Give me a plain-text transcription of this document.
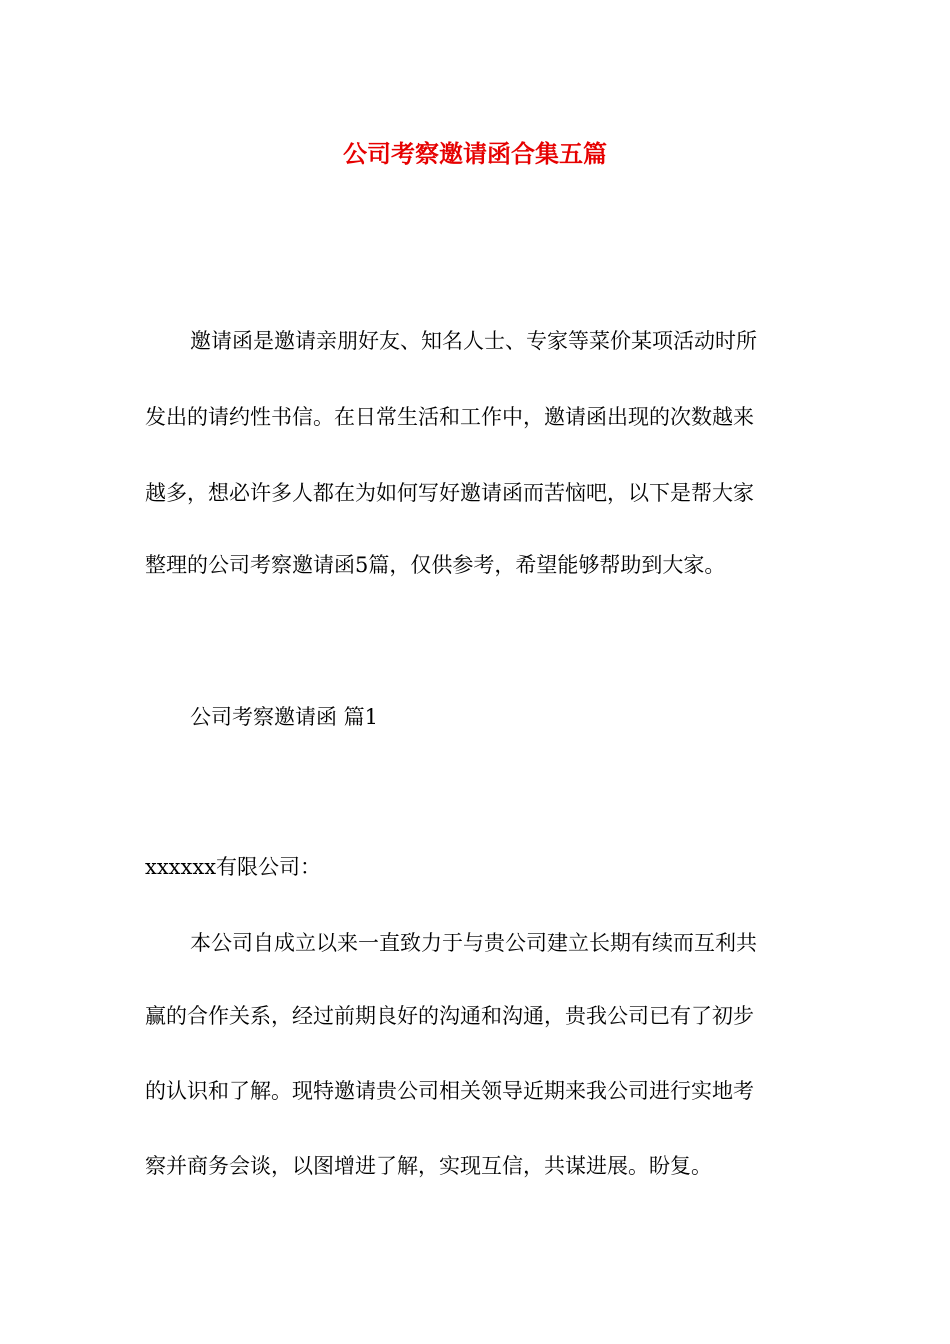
公司考察邀请函合集五篇

邀请函是邀请亲朋好友、知名人士、专家等菜价某项活动时所

发出的请约性书信。在日常生活和工作中，邀请函出现的次数越来

越多，想必许多人都在为如何写好邀请函而苦恼吧，以下是帮大家

整理的公司考察邀请函5篇，仅供参考，希望能够帮助到大家。

公司考察邀请函 篇1

xxxxxx有限公司：

本公司自成立以来一直致力于与贵公司建立长期有续而互利共

赢的合作关系，经过前期良好的沟通和沟通，贵我公司已有了初步

的认识和了解。现特邀请贵公司相关领导近期来我公司进行实地考

察并商务会谈，以图增进了解，实现互信，共谋进展。盼复。
